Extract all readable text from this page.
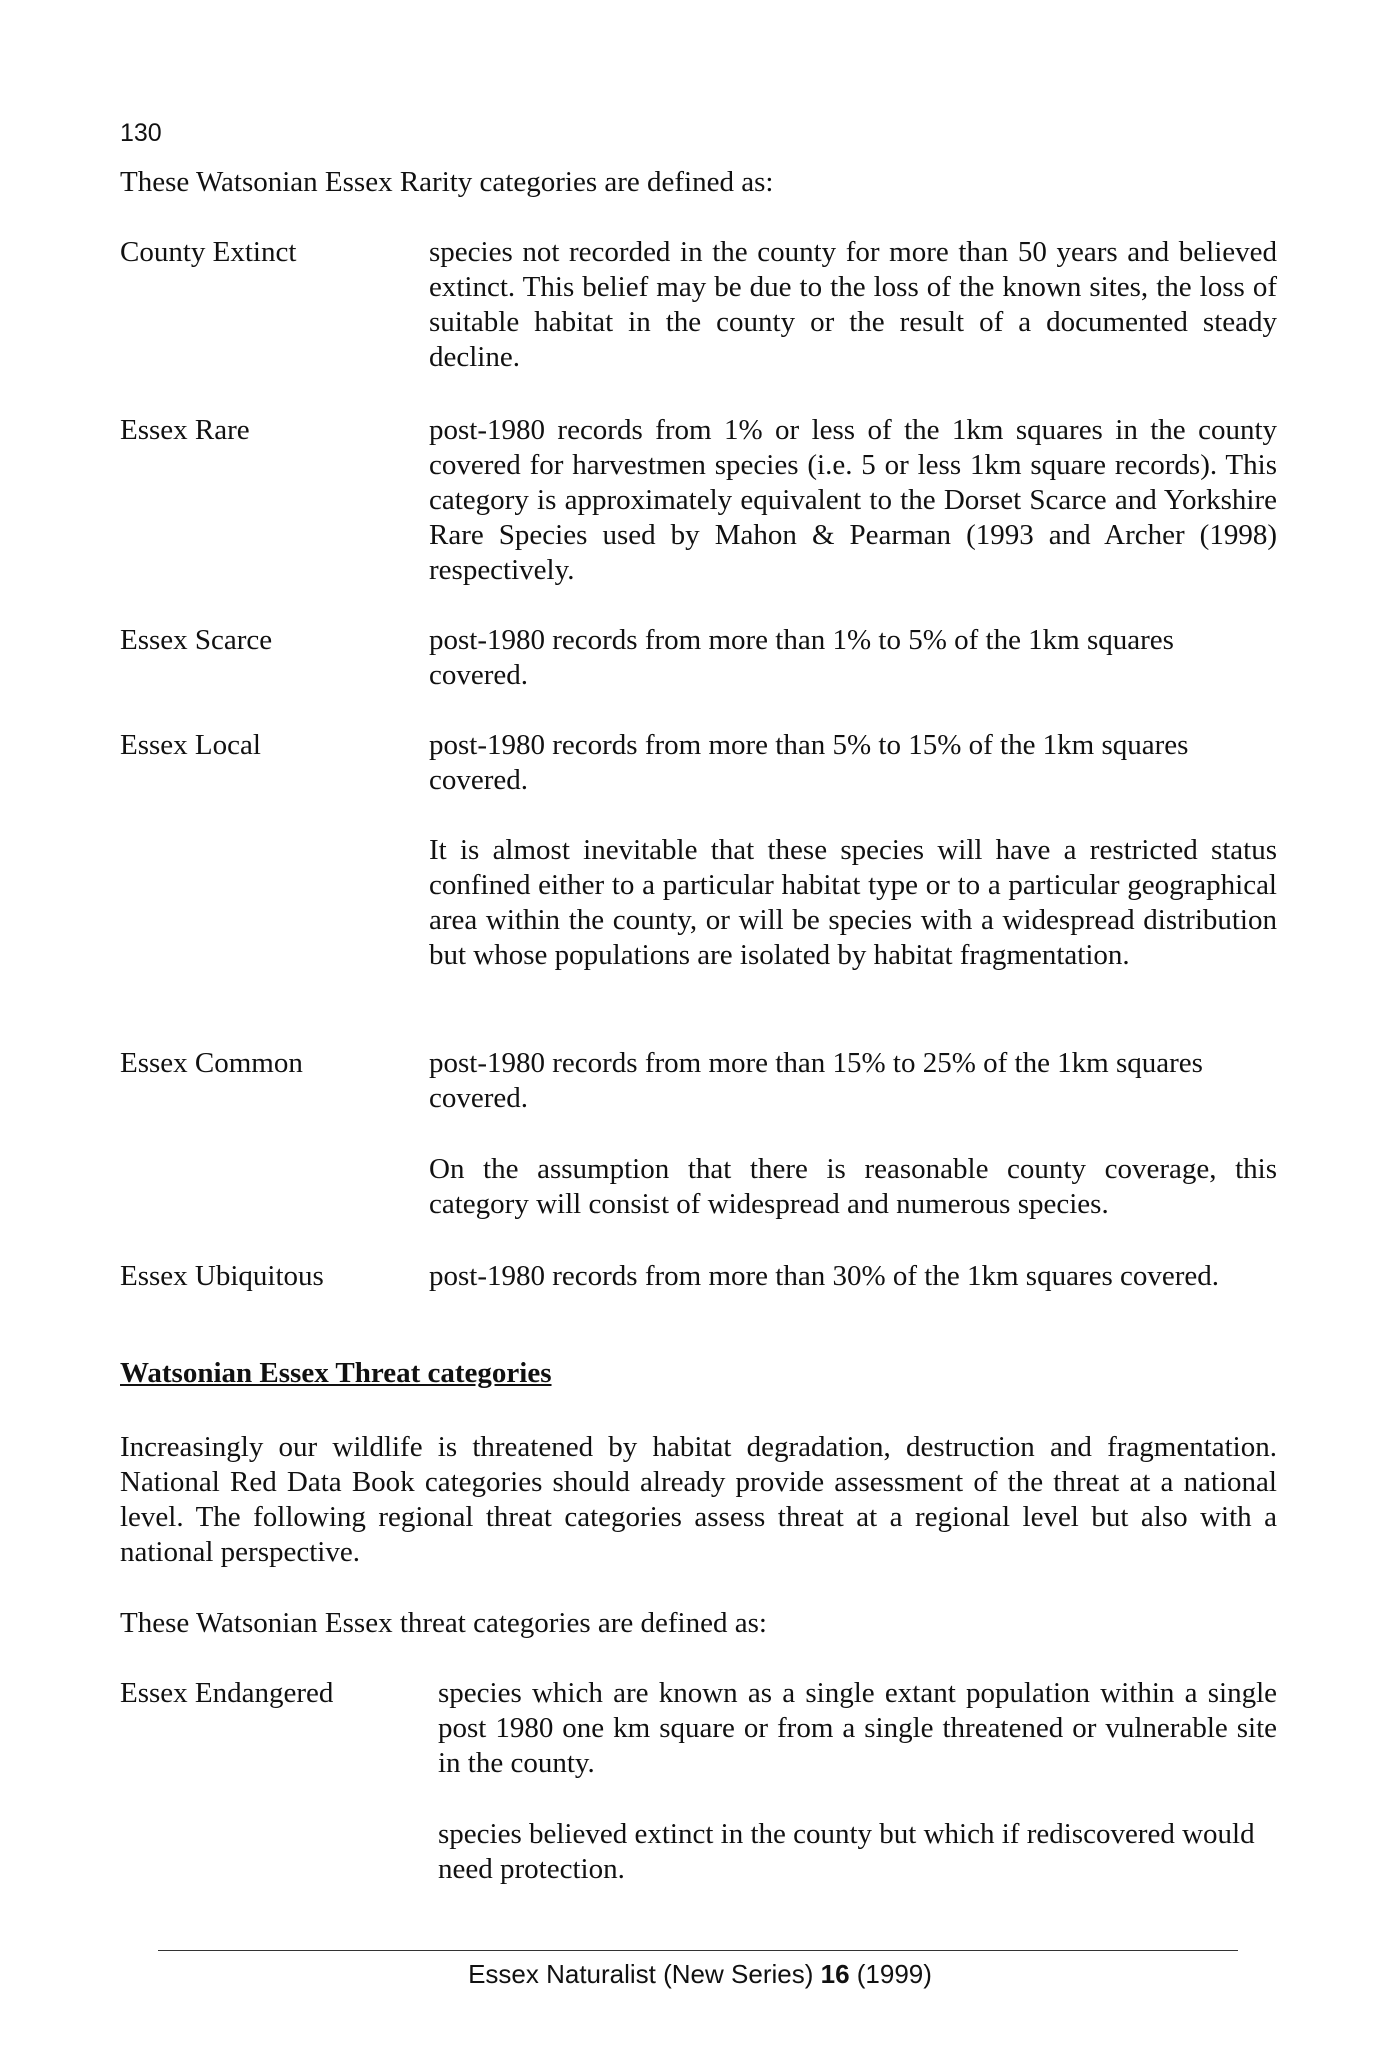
130
These Watsonian Essex Rarity categories are defined as:
County Extinct	species not recorded in the county for more than 50 years and believed extinct. This belief may be due to the loss of the known sites, the loss of suitable habitat in the county or the result of a documented steady decline.
Essex Rare	post-1980 records from 1% or less of the 1km squares in the county covered for harvestmen species (i.e. 5 or less 1km square records). This category is approximately equivalent to the Dorset Scarce and Yorkshire Rare Species used by Mahon & Pearman (1993 and Archer (1998) respectively.
Essex Scarce	post-1980 records from more than 1% to 5% of the 1km squares covered.
Essex Local	post-1980 records from more than 5% to 15% of the 1km squares covered.
It is almost inevitable that these species will have a restricted status confined either to a particular habitat type or to a particular geographical area within the county, or will be species with a widespread distribution but whose populations are isolated by habitat fragmentation.
Essex Common	post-1980 records from more than 15% to 25% of the 1km squares covered.
On the assumption that there is reasonable county coverage, this category will consist of widespread and numerous species.
Essex Ubiquitous	post-1980 records from more than 30% of the 1km squares covered.
Watsonian Essex Threat categories
Increasingly our wildlife is threatened by habitat degradation, destruction and fragmentation. National Red Data Book categories should already provide assessment of the threat at a national level. The following regional threat categories assess threat at a regional level but also with a national perspective.
These Watsonian Essex threat categories are defined as:
Essex Endangered	species which are known as a single extant population within a single post 1980 one km square or from a single threatened or vulnerable site in the county.
species believed extinct in the county but which if rediscovered would need protection.
Essex Naturalist (New Series) 16 (1999)
